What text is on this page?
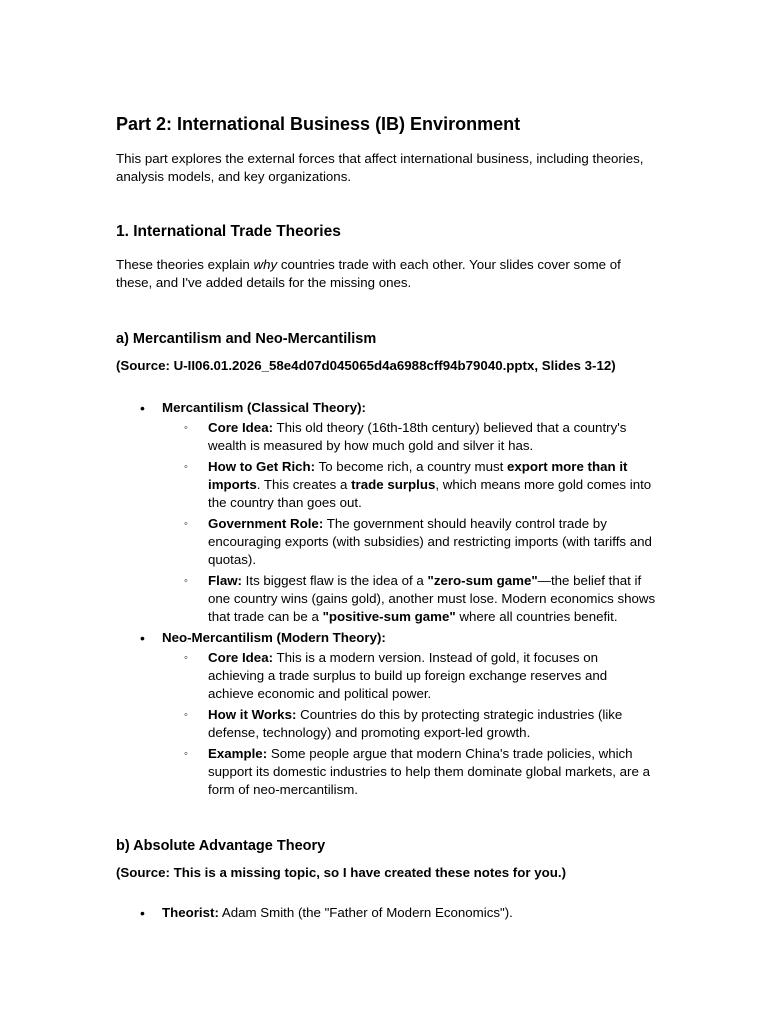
Part 2: International Business (IB) Environment

This part explores the external forces that affect international business, including theories, analysis models, and key organizations.

1. International Trade Theories

These theories explain why countries trade with each other. Your slides cover some of these, and I've added details for the missing ones.

a) Mercantilism and Neo-Mercantilism
(Source: U-II06.01.2026_58e4d07d045065d4a6988cff94b79040.pptx, Slides 3-12)
• Mercantilism (Classical Theory):
◦ Core Idea: This old theory (16th-18th century) believed that a country's wealth is measured by how much gold and silver it has.
◦ How to Get Rich: To become rich, a country must export more than it imports. This creates a trade surplus, which means more gold comes into the country than goes out.
◦ Government Role: The government should heavily control trade by encouraging exports (with subsidies) and restricting imports (with tariffs and quotas).
◦ Flaw: Its biggest flaw is the idea of a "zero-sum game"—the belief that if one country wins (gains gold), another must lose. Modern economics shows that trade can be a "positive-sum game" where all countries benefit.
• Neo-Mercantilism (Modern Theory):
◦ Core Idea: This is a modern version. Instead of gold, it focuses on achieving a trade surplus to build up foreign exchange reserves and achieve economic and political power.
◦ How it Works: Countries do this by protecting strategic industries (like defense, technology) and promoting export-led growth.
◦ Example: Some people argue that modern China's trade policies, which support its domestic industries to help them dominate global markets, are a form of neo-mercantilism.
b) Absolute Advantage Theory
(Source: This is a missing topic, so I have created these notes for you.)
• Theorist: Adam Smith (the "Father of Modern Economics").
